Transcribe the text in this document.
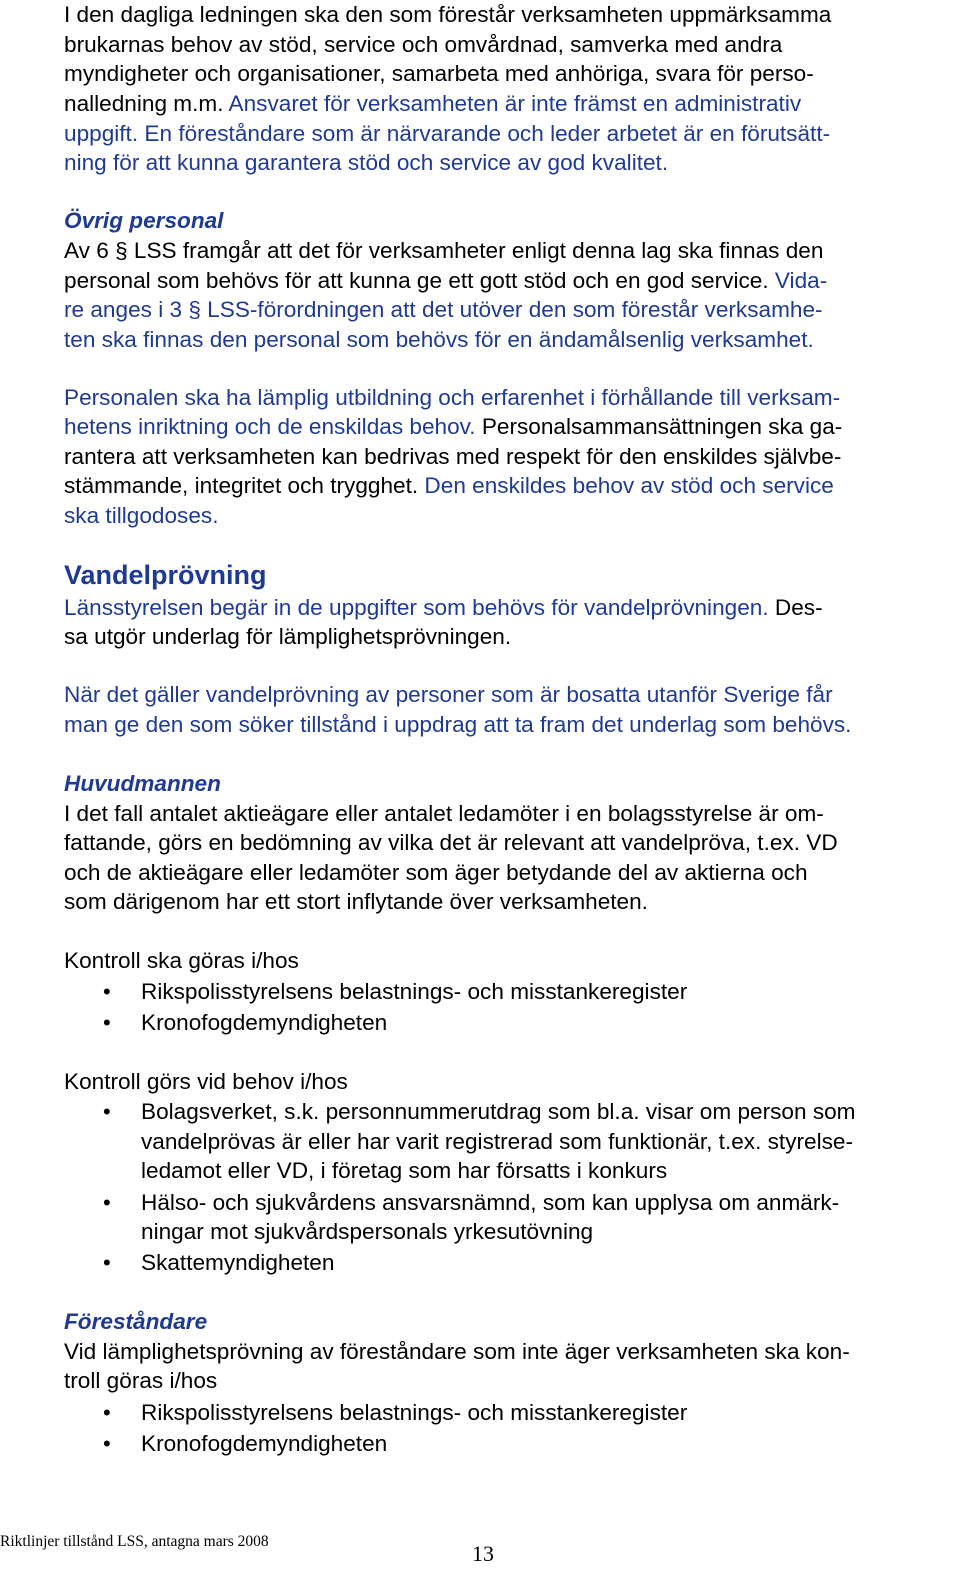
I den dagliga ledningen ska den som förestår verksamheten uppmärksamma
brukarnas behov av stöd, service och omvårdnad, samverka med andra
myndigheter och organisationer, samarbeta med anhöriga, svara för perso-
nalledning m.m. Ansvaret för verksamheten är inte främst en administrativ
uppgift. En föreståndare som är närvarande och leder arbetet är en förutsätt-
ning för att kunna garantera stöd och service av god kvalitet.
Övrig personal
Av 6 § LSS framgår att det för verksamheter enligt denna lag ska finnas den
personal som behövs för att kunna ge ett gott stöd och en god service. Vida-
re anges i 3 § LSS-förordningen att det utöver den som förestår verksamhe-
ten ska finnas den personal som behövs för en ändamålsenlig verksamhet.
Personalen ska ha lämplig utbildning och erfarenhet i förhållande till verksam-
hetens inriktning och de enskildas behov. Personalsammansättningen ska ga-
rantera att verksamheten kan bedrivas med respekt för den enskildes självbe-
stämmande, integritet och trygghet. Den enskildes behov av stöd och service
ska tillgodoses.
Vandelprövning
Länsstyrelsen begär in de uppgifter som behövs för vandelprövningen. Des-
sa utgör underlag för lämplighetsprövningen.
När det gäller vandelprövning av personer som är bosatta utanför Sverige får
man ge den som söker tillstånd i uppdrag att ta fram det underlag som behövs.
Huvudmannen
I det fall antalet aktieägare eller antalet ledamöter i en bolagsstyrelse är om-
fattande, görs en bedömning av vilka det är relevant att vandelpröva, t.ex. VD
och de aktieägare eller ledamöter som äger betydande del av aktierna och
som därigenom har ett stort inflytande över verksamheten.
Kontroll ska göras i/hos
• Rikspolisstyrelsens belastnings- och misstankeregister
• Kronofogdemyndigheten
Kontroll görs vid behov i/hos
• Bolagsverket, s.k. personnummerutdrag som bl.a. visar om person som
vandelprövas är eller har varit registrerad som funktionär, t.ex. styrelse-
ledamot eller VD, i företag som har försatts i konkurs
• Hälso- och sjukvårdens ansvarsnämnd, som kan upplysa om anmärk-
ningar mot sjukvårdspersonals yrkesutövning
• Skattemyndigheten
Föreståndare
Vid lämplighetsprövning av föreståndare som inte äger verksamheten ska kon-
troll göras i/hos
• Rikspolisstyrelsens belastnings- och misstankeregister
• Kronofogdemyndigheten
Riktlinjer tillstånd LSS, antagna mars 2008	13
